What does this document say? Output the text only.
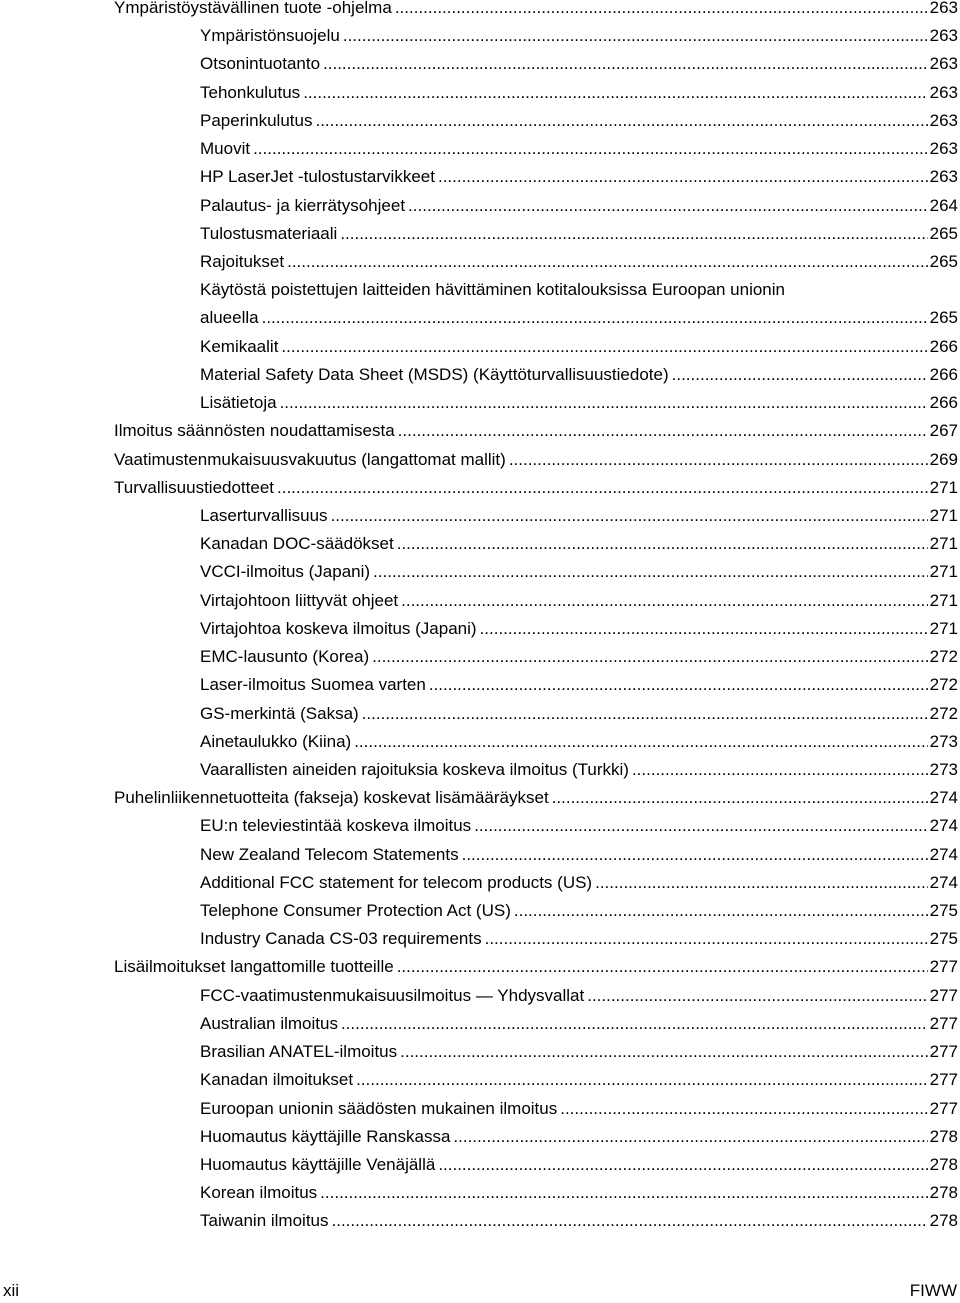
Ympäristöystävällinen tuote -ohjelma .....	263
Ympäristönsuojelu .....	263
Otsonintuotanto .....	263
Tehonkulutus .....	263
Paperinkulutus .....	263
Muovit .....	263
HP LaserJet -tulostustarvikkeet .....	263
Palautus- ja kierrätysohjeet .....	264
Tulostusmateriaali .....	265
Rajoitukset .....	265
Käytöstä poistettujen laitteiden hävittäminen kotitalouksissa Euroopan unionin
alueella .....	265
Kemikaalit .....	266
Material Safety Data Sheet (MSDS) (Käyttöturvallisuustiedote) .....	266
Lisätietoja .....	266
Ilmoitus säännösten noudattamisesta .....	267
Vaatimustenmukaisuusvakuutus (langattomat mallit) .....	269
Turvallisuustiedotteet .....	271
Laserturvallisuus .....	271
Kanadan DOC-säädökset .....	271
VCCI-ilmoitus (Japani) .....	271
Virtajohtoon liittyvät ohjeet .....	271
Virtajohtoa koskeva ilmoitus (Japani) .....	271
EMC-lausunto (Korea) .....	272
Laser-ilmoitus Suomea varten .....	272
GS-merkintä (Saksa) .....	272
Ainetaulukko (Kiina) .....	273
Vaarallisten aineiden rajoituksia koskeva ilmoitus (Turkki) .....	273
Puhelinliikennetuotteita (fakseja) koskevat lisämääräykset .....	274
EU:n televiestintää koskeva ilmoitus .....	274
New Zealand Telecom Statements .....	274
Additional FCC statement for telecom products (US) .....	274
Telephone Consumer Protection Act (US) .....	275
Industry Canada CS-03 requirements .....	275
Lisäilmoitukset langattomille tuotteille .....	277
FCC-vaatimustenmukaisuusilmoitus — Yhdysvallat .....	277
Australian ilmoitus .....	277
Brasilian ANATEL-ilmoitus .....	277
Kanadan ilmoitukset .....	277
Euroopan unionin säädösten mukainen ilmoitus .....	277
Huomautus käyttäjille Ranskassa .....	278
Huomautus käyttäjille Venäjällä .....	278
Korean ilmoitus .....	278
Taiwanin ilmoitus .....	278
xii	FIWW
